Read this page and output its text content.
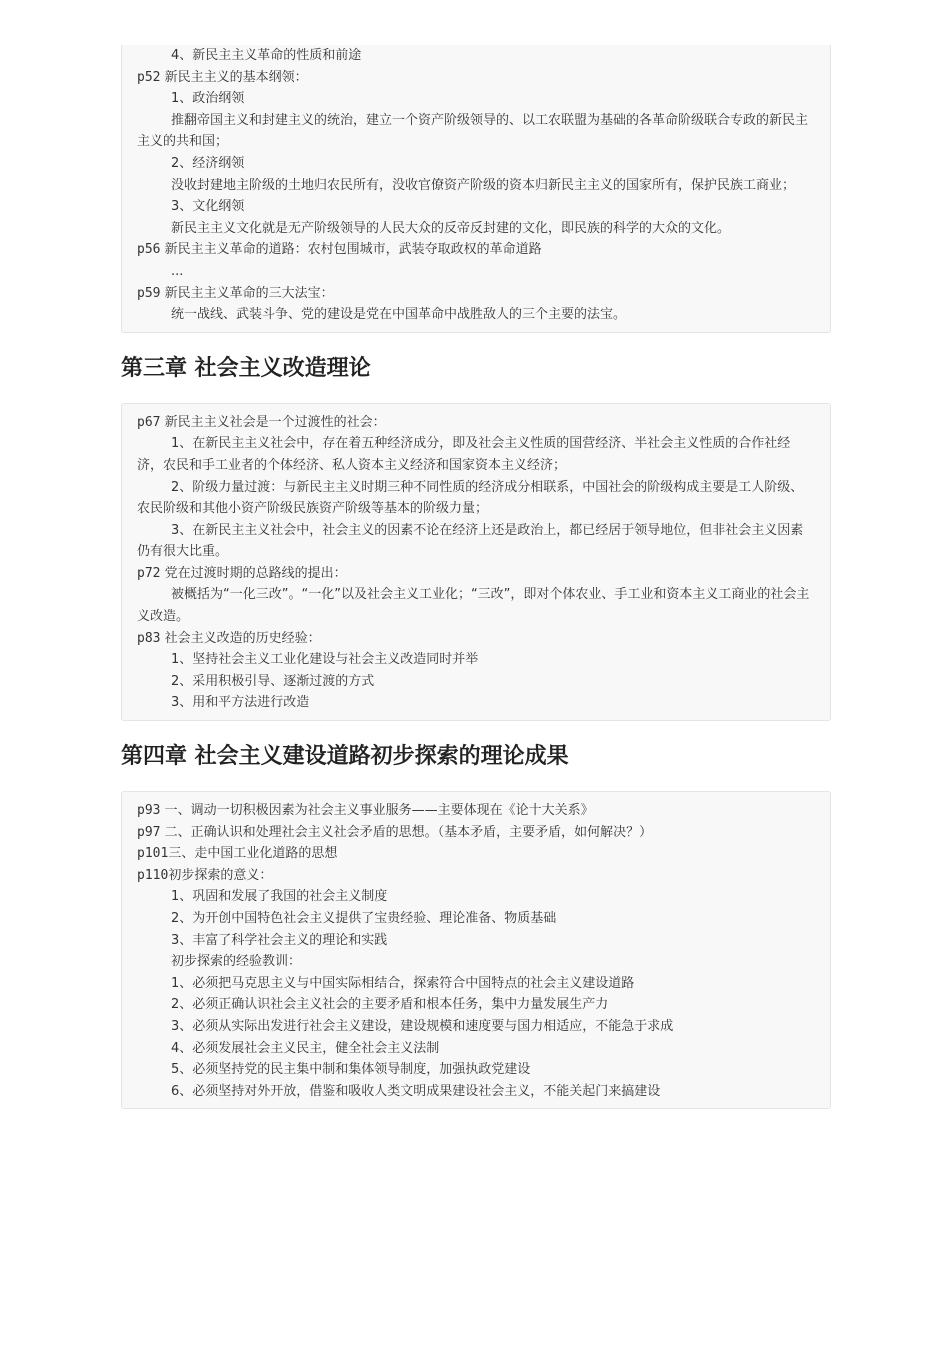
4、新民主主义革命的性质和前途

p52 新民主主义的基本纲领：

1、政治纲领

推翻帝国主义和封建主义的统治，建立一个资产阶级领导的、以工农联盟为基础的各革命阶级联合专政的新民主主义的共和国；

2、经济纲领

没收封建地主阶级的土地归农民所有，没收官僚资产阶级的资本归新民主主义的国家所有，保护民族工商业；

3、文化纲领

新民主主义文化就是无产阶级领导的人民大众的反帝反封建的文化，即民族的科学的大众的文化。

p56 新民主主义革命的道路：农村包围城市，武装夺取政权的革命道路

...

p59 新民主主义革命的三大法宝：

统一战线、武装斗争、党的建设是党在中国革命中战胜敌人的三个主要的法宝。

第三章 社会主义改造理论

p67 新民主主义社会是一个过渡性的社会：

1、在新民主主义社会中，存在着五种经济成分，即及社会主义性质的国营经济、半社会主义性质的合作社经济，农民和手工业者的个体经济、私人资本主义经济和国家资本主义经济；

2、阶级力量过渡：与新民主主义时期三种不同性质的经济成分相联系，中国社会的阶级构成主要是工人阶级、农民阶级和其他小资产阶级民族资产阶级等基本的阶级力量；

3、在新民主主义社会中，社会主义的因素不论在经济上还是政治上，都已经居于领导地位，但非社会主义因素仍有很大比重。

p72 党在过渡时期的总路线的提出：

被概括为“一化三改”。“一化”以及社会主义工业化；“三改”，即对个体农业、手工业和资本主义工商业的社会主义改造。

p83 社会主义改造的历史经验：

1、坚持社会主义工业化建设与社会主义改造同时并举

2、采用积极引导、逐渐过渡的方式

3、用和平方法进行改造

第四章 社会主义建设道路初步探索的理论成果

p93 一、调动一切积极因素为社会主义事业服务——主要体现在《论十大关系》

p97 二、正确认识和处理社会主义社会矛盾的思想。（基本矛盾，主要矛盾，如何解决？）

p101三、走中国工业化道路的思想

p110初步探索的意义：

1、巩固和发展了我国的社会主义制度

2、为开创中国特色社会主义提供了宝贵经验、理论准备、物质基础

3、丰富了科学社会主义的理论和实践

初步探索的经验教训：

1、必须把马克思主义与中国实际相结合，探索符合中国特点的社会主义建设道路

2、必须正确认识社会主义社会的主要矛盾和根本任务，集中力量发展生产力

3、必须从实际出发进行社会主义建设，建设规模和速度要与国力相适应，不能急于求成

4、必须发展社会主义民主，健全社会主义法制

5、必须坚持党的民主集中制和集体领导制度，加强执政党建设

6、必须坚持对外开放，借鉴和吸收人类文明成果建设社会主义，不能关起门来搞建设
